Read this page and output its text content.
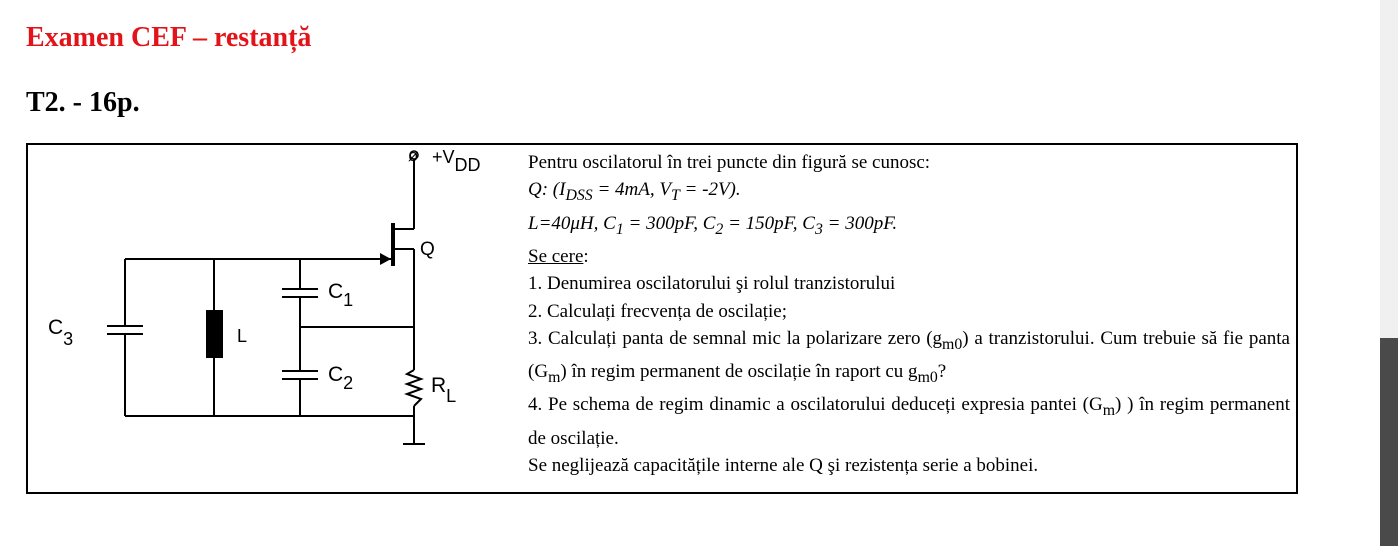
Examen CEF – restanță
T2. - 16p.
ø +VDD
Q
C1
C2
C3	L
RL
Pentru oscilatorul în trei puncte din figură se cunosc:
Q: ($I_{DSS} = 4mA$, $V_T = -2V$).
L=40μH, $C_1 = 300pF$, $C_2 = 150pF$, $C_3 = 300pF$.
Se cere:
1. Denumirea oscilatorului şi rolul tranzistorului
2. Calculați frecvența de oscilație;
3. Calculați panta de semnal mic la polarizare zero $(g_{m0})$ a tranzistorului. Cum trebuie să fie panta $(G_m)$ în regim permanent de oscilație în raport cu $g_{m0}$?
4. Pe schema de regim dinamic a oscilatorului deduceți expresia pantei $(G_m)$ ) în regim permanent de oscilație.
Se neglijează capacitățile interne ale Q şi rezistența serie a bobinei.
